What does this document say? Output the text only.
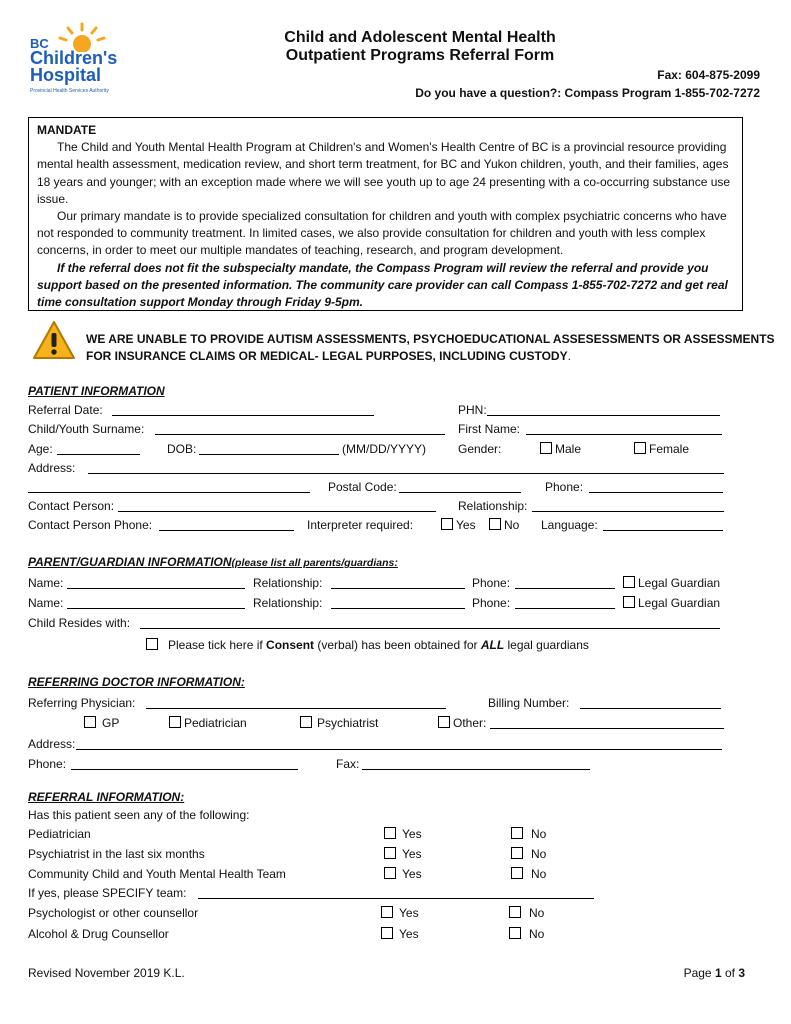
BC
Children's
Hospital
Provincial Health Services Authority
Child and Adolescent Mental Health
Outpatient Programs Referral Form
Fax: 604-875-2099
Do you have a question?: Compass Program 1-855-702-7272

MANDATE

The Child and Youth Mental Health Program at Children's and Women's Health Centre of BC is a provincial resource providing mental health assessment, medication review, and short term treatment, for BC and Yukon children, youth, and their families, ages 18 years and younger; with an exception made where we will see youth up to age 24 presenting with a co-occurring substance use issue.

Our primary mandate is to provide specialized consultation for children and youth with complex psychiatric concerns who have not responded to community treatment. In limited cases, we also provide consultation for children and youth with less complex concerns, in order to meet our multiple mandates of teaching, research, and program development.

If the referral does not fit the subspecialty mandate, the Compass Program will review the referral and provide you support based on the presented information. The community care provider can call Compass 1-855-702-7272 and get real time consultation support Monday through Friday 9-5pm.

WE ARE UNABLE TO PROVIDE AUTISM ASSESSMENTS, PSYCHOEDUCATIONAL ASSESESSMENTS OR ASSESSMENTS
FOR INSURANCE CLAIMS OR MEDICAL- LEGAL PURPOSES, INCLUDING CUSTODY.
PATIENT INFORMATION
Referral Date:	PHN:
Child/Youth Surname:	First Name:
Age:	DOB:	(MM/DD/YYYY)	Gender:	Male	Female
Address:
Postal Code:	Phone:
Contact Person:	Relationship:
Contact Person Phone:	Interpreter required:	Yes	No Language:
PARENT/GUARDIAN INFORMATION(please list all parents/guardians:
Name:	Relationship:	Phone:	Legal Guardian
Name:	Relationship:	Phone:	Legal Guardian
Child Resides with:
Please tick here if Consent (verbal) has been obtained for ALL legal guardians
REFERRING DOCTOR INFORMATION:
Referring Physician:	Billing Number:
GP	Pediatrician	Psychiatrist	Other:
Address:
Phone:	Fax:
REFERRAL INFORMATION:
Has this patient seen any of the following:
Pediatrician	Yes	No
Psychiatrist in the last six months	Yes	No
Community Child and Youth Mental Health Team	Yes	No
If yes, please SPECIFY team:
Psychologist or other counsellor	Yes	No
Alcohol & Drug Counsellor	Yes	No
Revised November 2019 K.L.	Page 1 of 3
